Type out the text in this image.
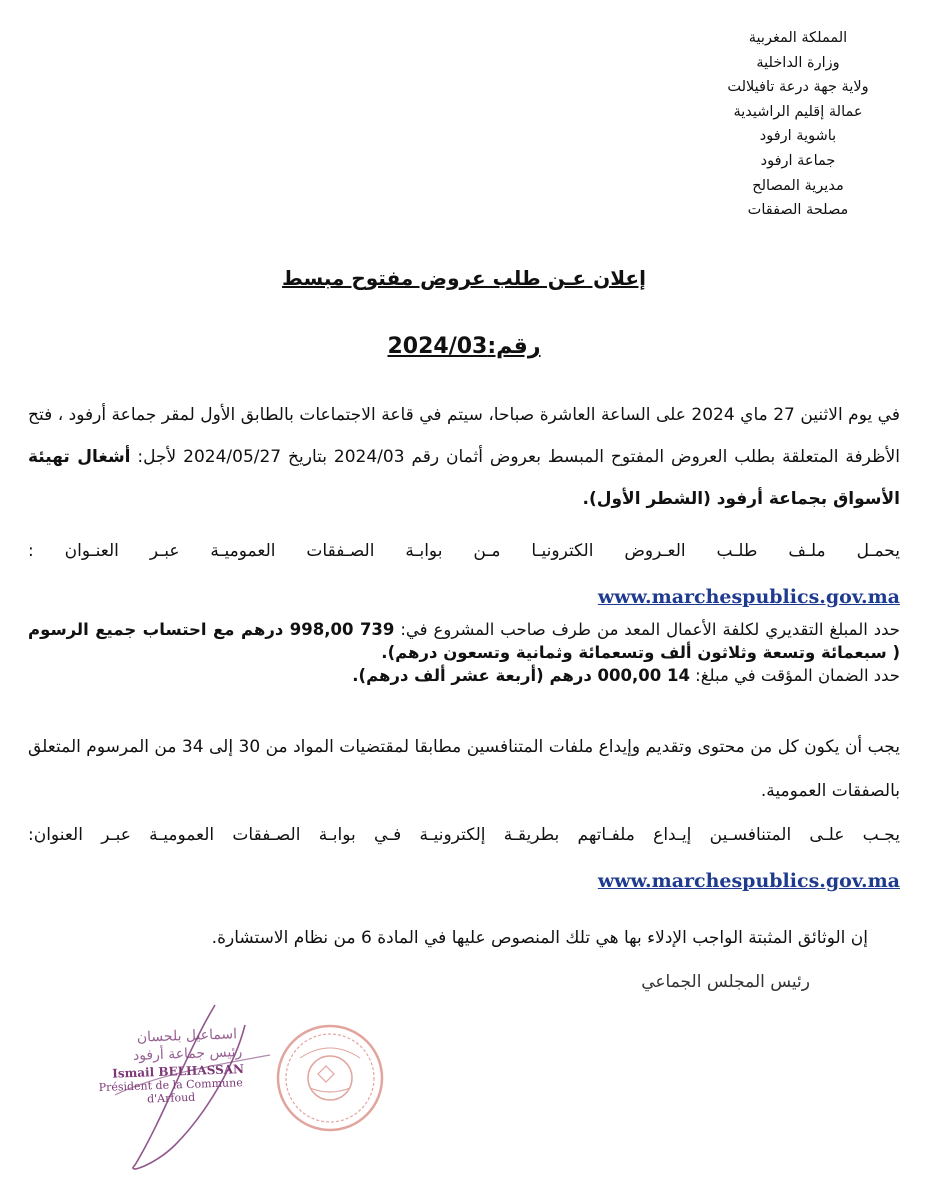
المملكة المغربية
وزارة الداخلية
ولاية جهة درعة تافيلالت
عمالة إقليم الراشيدية
باشوية ارفود
جماعة ارفود
مديرية المصالح
مصلحة الصفقات
إعلان عـن طلب عروض مفتوح مبسط
رقم:2024/03
في يوم الاثنين 27 ماي 2024 على الساعة العاشرة صباحا، سيتم في قاعة الاجتماعات بالطابق الأول لمقر جماعة أرفود ، فتح الأظرفة المتعلقة بطلب العروض المفتوح المبسط بعروض أثمان رقم 2024/03 بتاريخ 2024/05/27 لأجل: أشغال تهيئة الأسواق بجماعة أرفود (الشطر الأول).
يحمـل ملـف طلـب العـروض الكترونيـا مـن بوابـة الصـفقات العموميـة عبـر العنـوان : www.marchespublics.gov.ma
حدد المبلغ التقديري لكلفة الأعمال المعد من طرف صاحب المشروع في: 739 998,00 درهم مع احتساب جميع الرسوم ( سبعمائة وتسعة وثلاثون ألف وتسعمائة وثمانية وتسعون درهم).
حدد الضمان المؤقت في مبلغ: 14 000,00 درهم (أربعة عشر ألف درهم).
يجب أن يكون كل من محتوى وتقديم وإيداع ملفات المتنافسين مطابقا لمقتضيات المواد من 30 إلى 34 من المرسوم المتعلق بالصفقات العمومية.
يجـب علـى المتنافسـين إيـداع ملفـاتهم بطريقـة إلكترونيـة فـي بوابـة الصـفقات العموميـة عبـر العنوان: www.marchespublics.gov.ma
إن الوثائق المثبتة الواجب الإدلاء بها هي تلك المنصوص عليها في المادة 6 من نظام الاستشارة.
رئيس المجلس الجماعي
اسماعيل بلحسان
رئيس جماعة أرفود
Ismail BELHASSAN
Président de la Commune
d'Arfoud
